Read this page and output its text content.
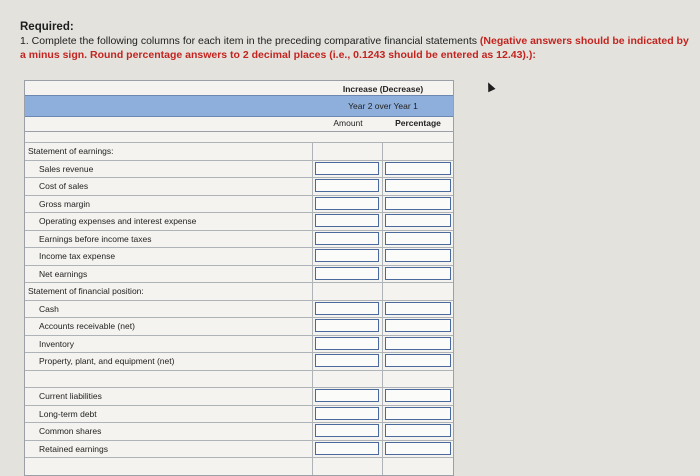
Required:
1. Complete the following columns for each item in the preceding comparative financial statements (Negative answers should be indicated by a minus sign. Round percentage answers to 2 decimal places (i.e., 0.1243 should be entered as 12.43).):
Increase (Decrease)
Year 2 over Year 1
Amount	Percentage
Statement of earnings:
Sales revenue
Cost of sales
Gross margin
Operating expenses and interest expense
Earnings before income taxes
Income tax expense
Net earnings
Statement of financial position:
Cash
Accounts receivable (net)
Inventory
Property, plant, and equipment (net)
Current liabilities
Long-term debt
Common shares
Retained earnings
